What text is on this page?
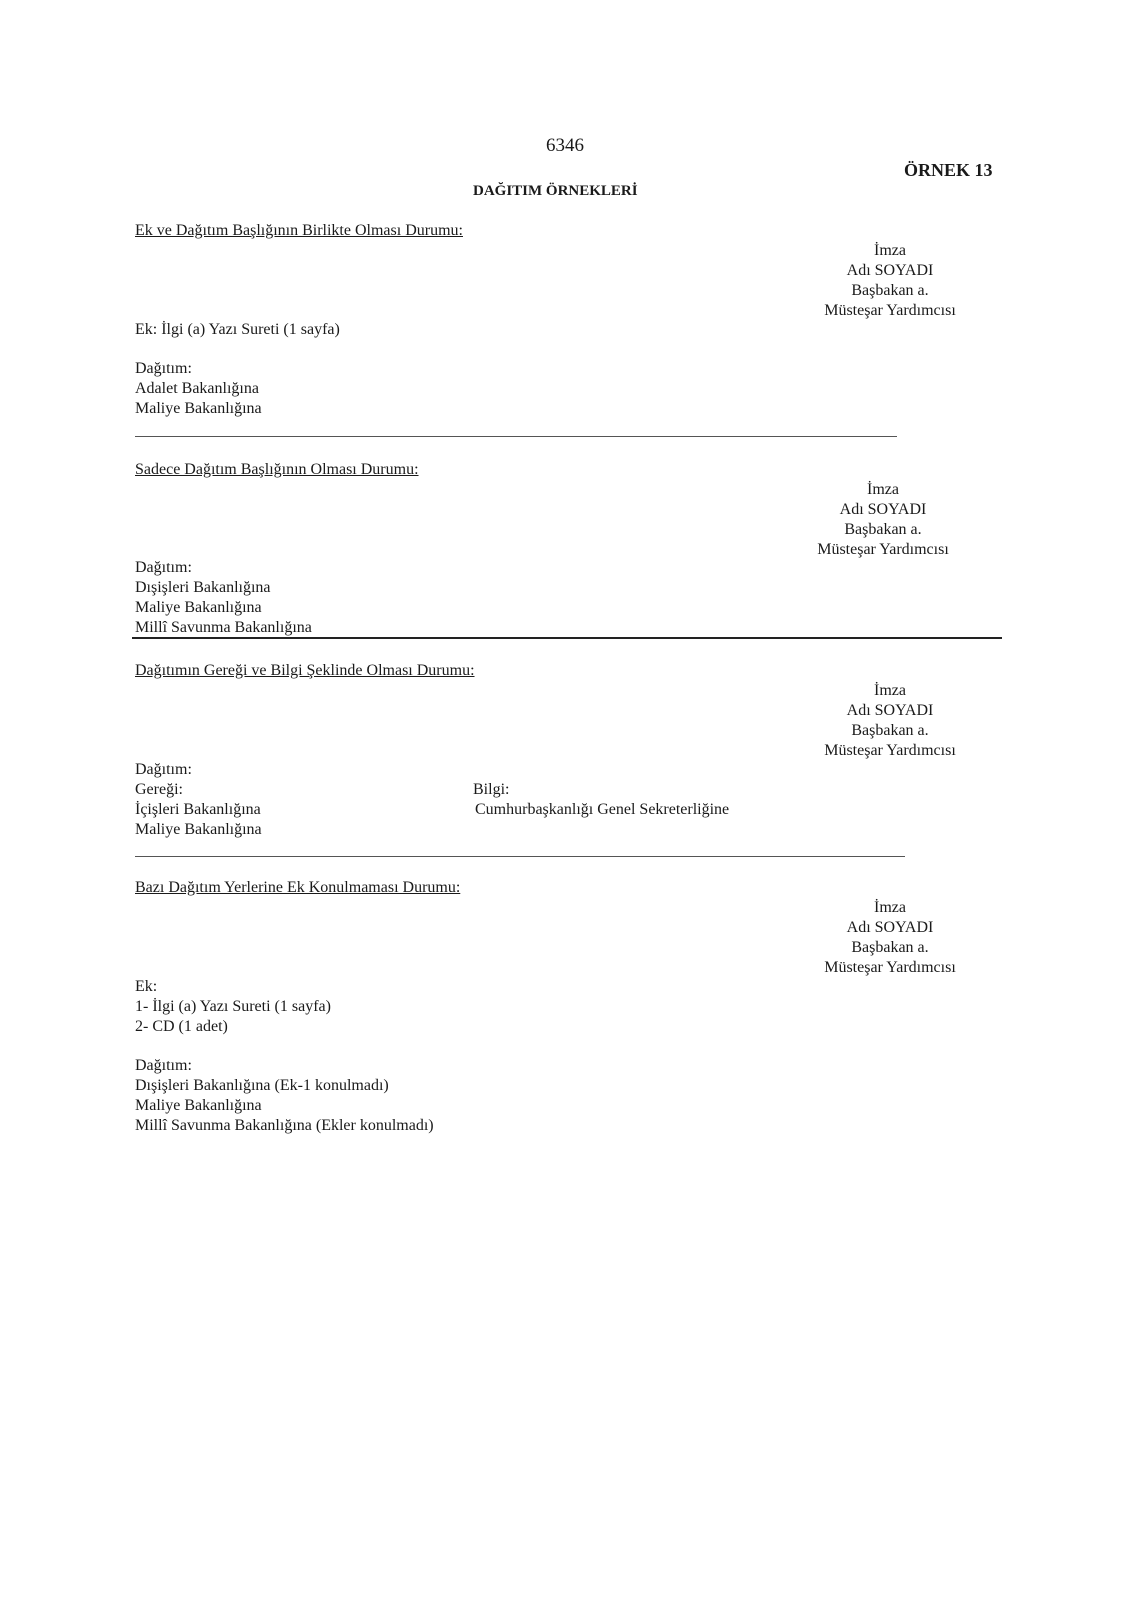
6346
ÖRNEK 13
DAĞITIM ÖRNEKLERİ
Ek ve Dağıtım Başlığının Birlikte Olması Durumu:
İmza
Adı SOYADI
Başbakan a.
Müsteşar Yardımcısı
Ek: İlgi (a) Yazı Sureti (1 sayfa)
Dağıtım:
Adalet Bakanlığına
Maliye Bakanlığına
Sadece Dağıtım Başlığının Olması Durumu:
İmza
Adı SOYADI
Başbakan a.
Müsteşar Yardımcısı
Dağıtım:
Dışişleri Bakanlığına
Maliye Bakanlığına
Millî Savunma Bakanlığına
Dağıtımın Gereği ve Bilgi Şeklinde Olması Durumu:
İmza
Adı SOYADI
Başbakan a.
Müsteşar Yardımcısı
Dağıtım:
Gereği:
İçişleri Bakanlığına
Maliye Bakanlığına
Bilgi:
Cumhurbaşkanlığı Genel Sekreterliğine
Bazı Dağıtım Yerlerine Ek Konulmaması Durumu:
İmza
Adı SOYADI
Başbakan a.
Müsteşar Yardımcısı
Ek:
1- İlgi (a) Yazı Sureti (1 sayfa)
2- CD (1 adet)
Dağıtım:
Dışişleri Bakanlığına (Ek-1 konulmadı)
Maliye Bakanlığına
Millî Savunma Bakanlığına (Ekler konulmadı)
